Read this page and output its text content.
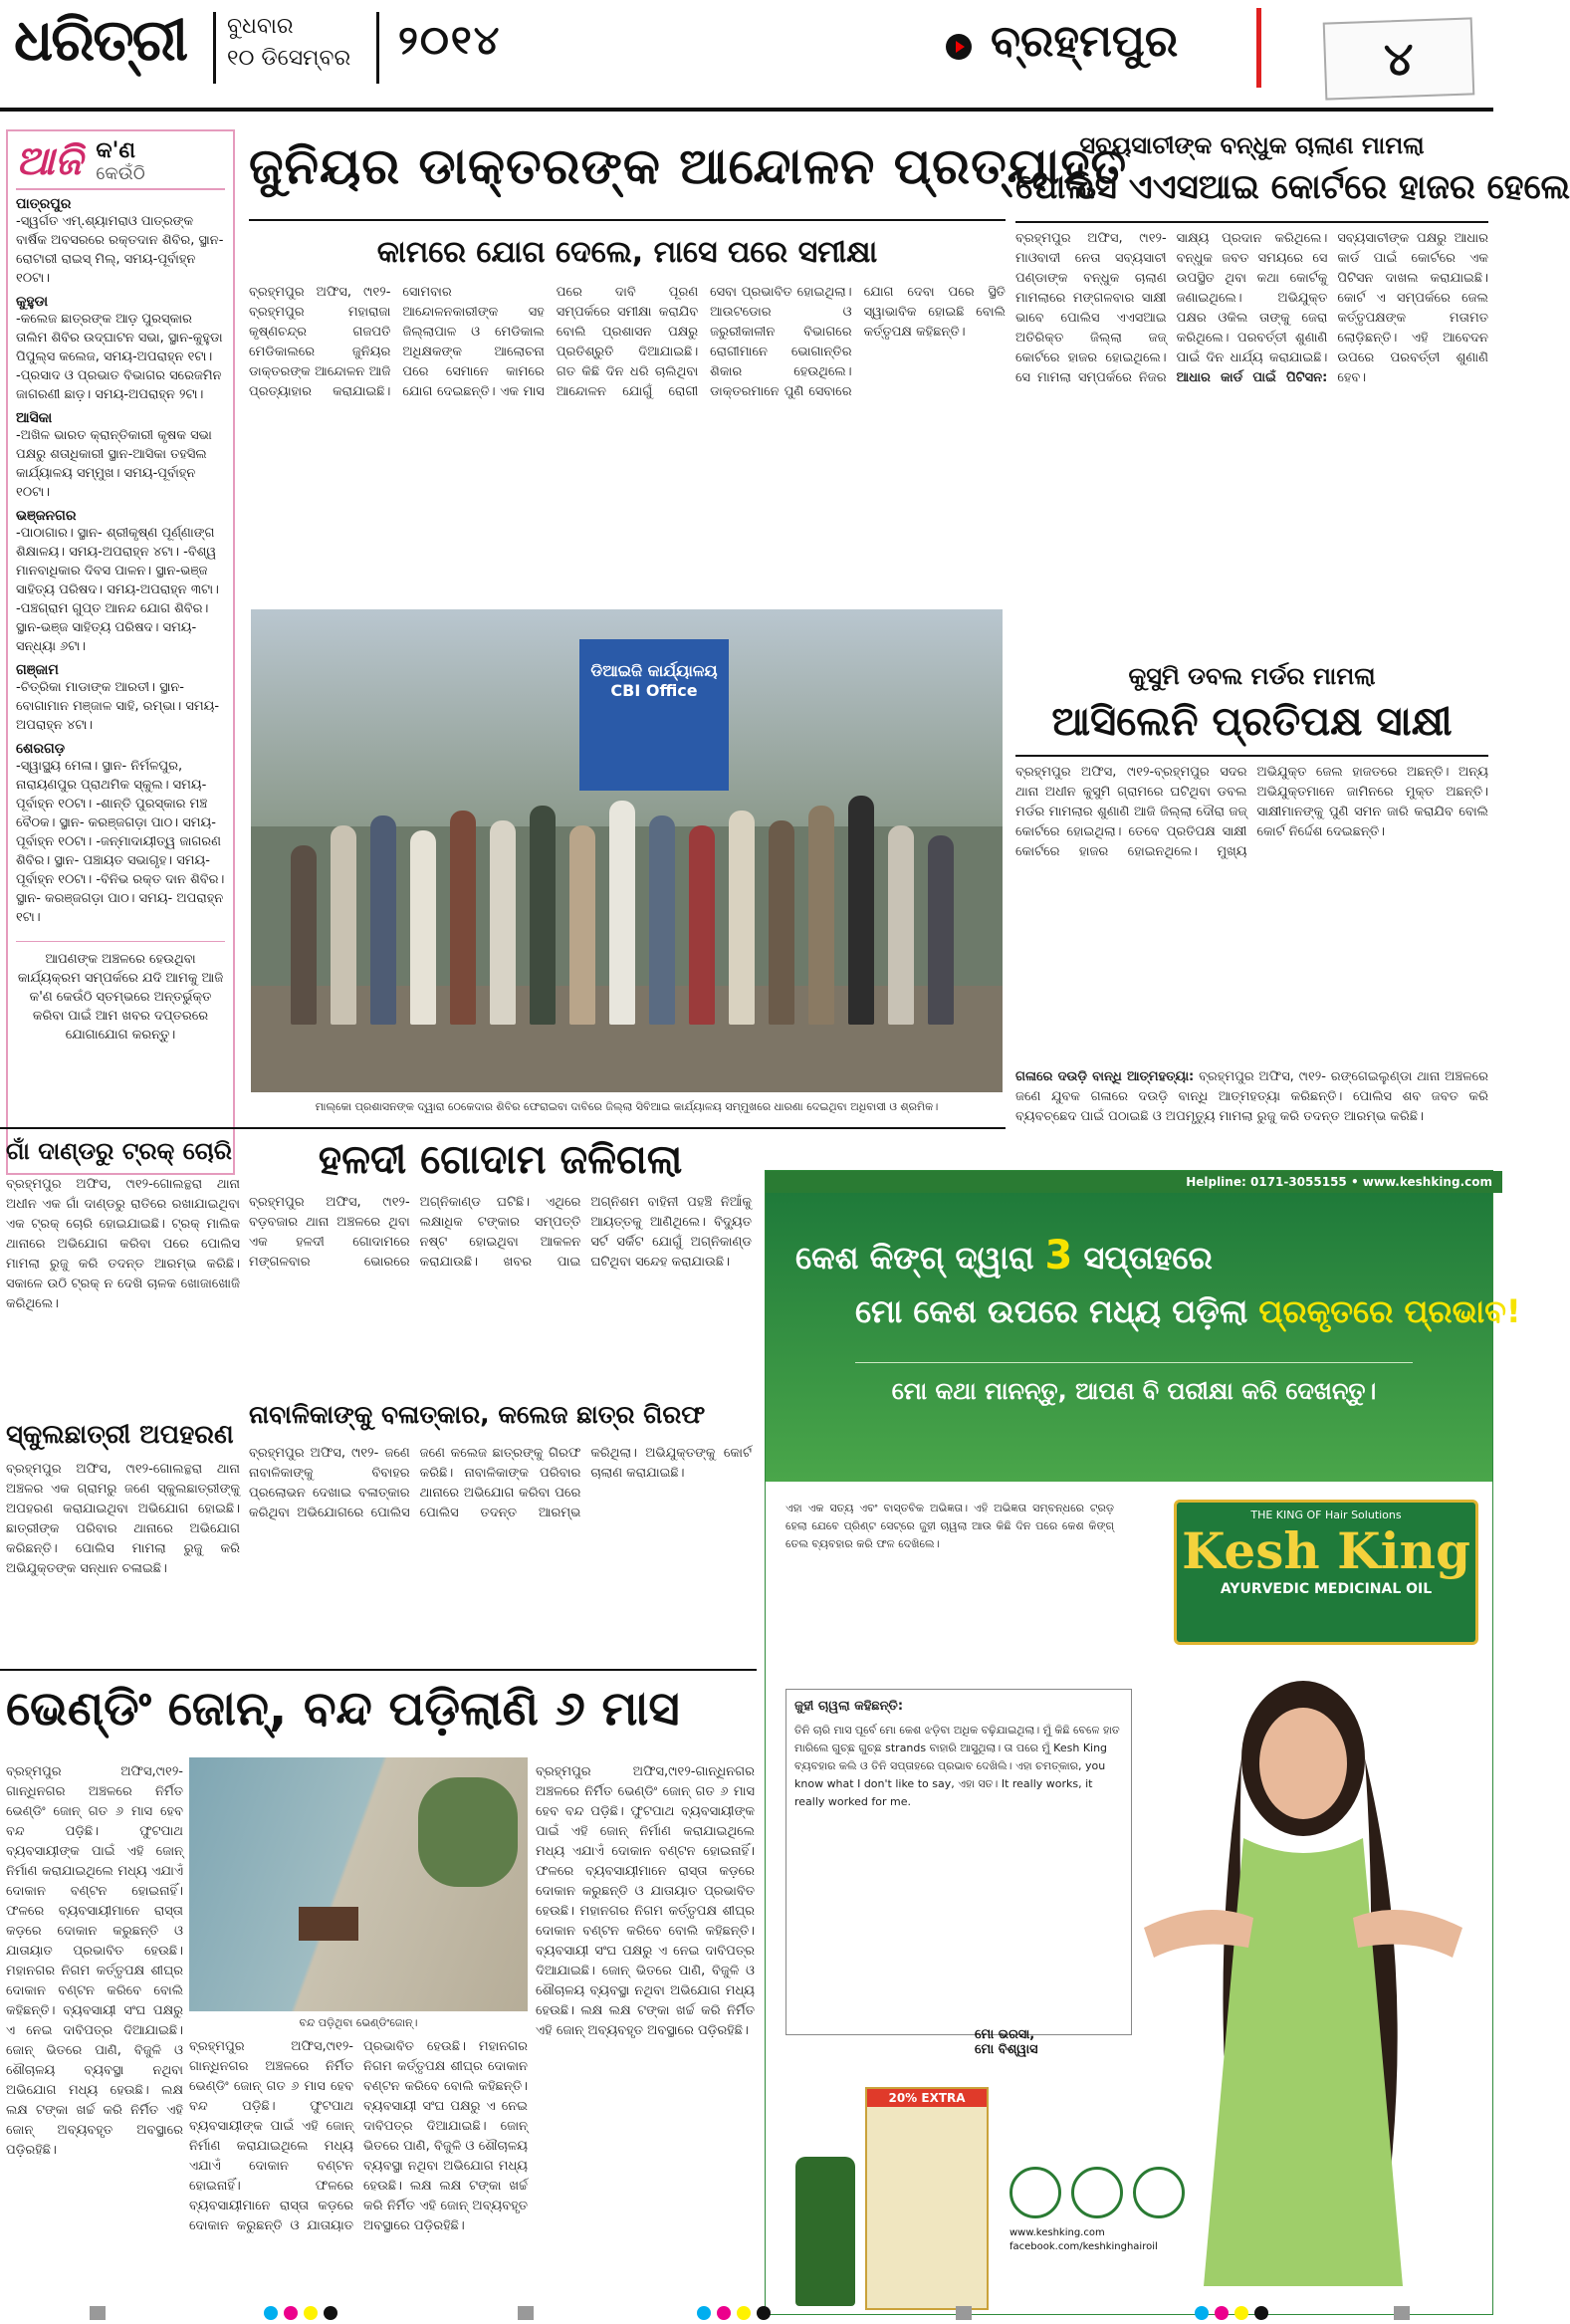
ଧରିତ୍ରୀ ବୁଧବାର
୧୦ ଡିସେମ୍ବର ୨୦୧୪	ବ୍ରହ୍ମପୁର	୪
ଆଜି କ'ଣ
କେଉଁଠି
ପାତ୍ରପୁର
-ସ୍ୱର୍ଗତ ଏମ୍.ଶ୍ୟାମରାଓ ପାତ୍ରଙ୍କ ବାର୍ଷିକ ଅବସରରେ ରକ୍ତଦାନ ଶିବିର, ସ୍ଥାନ-ରୋଟାରୀ ରାଇସ୍ ମିଲ୍, ସମୟ-ପୂର୍ବାହ୍ନ ୧୦ଟା।
କୁହୁଡା
-କଲେଜ ଛାତ୍ରଙ୍କ ଆଡ଼ ପୁରସ୍କାର ତାଲିମ ଶିବିର ଉଦ୍‌ଘାଟନ ସଭା, ସ୍ଥାନ-କୁହୁଡା ପିପୁଲ୍ସ କଲେଜ, ସମୟ-ଅପରାହ୍ନ ୧ଟା। -ପ୍ରସାଦ ଓ ପ୍ରଭାତ ବିଭାଗର ସରେଜମିନ ଜାଗରଣୀ ଛାଡ଼। ସମୟ-ଅପରାହ୍ନ ୨ଟା।
ଆସିକା
-ଅଖିଳ ଭାରତ କ୍ରାନ୍ତିକାରୀ କୃଷକ ସଭା ପକ୍ଷରୁ ଶତାଧିକାରୀ ସ୍ଥାନ-ଆସିକା ତହସିଲ କାର୍ଯ୍ୟାଳୟ ସମ୍ମୁଖ। ସମୟ-ପୂର୍ବାହ୍ନ ୧୦ଟା।
ଭଞ୍ଜନଗର
-ପାଠାଗାର। ସ୍ଥାନ- ଶ୍ରୀକୃଷ୍ଣ ପୂର୍ଣ୍ଣାଙ୍ଗ ଶିକ୍ଷାଳୟ। ସମୟ-ଅପରାହ୍ନ ୪ଟା। -ବିଶ୍ୱ ମାନବାଧିକାର ଦିବସ ପାଳନ। ସ୍ଥାନ-ଭଞ୍ଜ ସାହିତ୍ୟ ପରିଷଦ। ସମୟ-ଅପରାହ୍ନ ୩ଟା। -ପଞ୍ଚଗ୍ରାମ ଗୁପ୍ତ ଆନନ୍ଦ ଯୋଗ ଶିବିର। ସ୍ଥାନ-ଭଞ୍ଜ ସାହିତ୍ୟ ପରିଷଦ। ସମୟ- ସନ୍ଧ୍ୟା ୬ଟା।
ଗଞ୍ଜାମ
-ଚିତ୍ରିକା ମାଡାଙ୍କ ଆରତୀ। ସ୍ଥାନ- ବୋଗାମାନ ମଞ୍ଜାଳ ସାହି, ରମ୍ଭା। ସମୟ- ଅପରାହ୍ନ ୪ଟା।
ଶେରଗଡ଼
-ସ୍ୱାସ୍ଥ୍ୟ ମେଳା। ସ୍ଥାନ- ନିର୍ମଳପୁର, ନାରାୟଣପୁର ପ୍ରାଥମିକ ସ୍କୁଲ। ସମୟ- ପୂର୍ବାହ୍ନ ୧୦ଟା। -ଶାନ୍ତି ପୁରସ୍କାର ମଞ୍ଚ ବୈଠକ। ସ୍ଥାନ- କରଞ୍ଜଗଡ଼ା ପାଠ। ସମୟ- ପୂର୍ବାହ୍ନ ୧୦ଟା। -ଜନ୍ମାଦାୟୀତ୍ୱ ଜାଗରଣ ଶିବିର। ସ୍ଥାନ- ପଞ୍ଚାୟତ ସଭାଗୃହ। ସମୟ- ପୂର୍ବାହ୍ନ ୧୦ଟା। -ବିନିଭ ରକ୍ତ ଦାନ ଶିବିର। ସ୍ଥାନ- କରଞ୍ଜଗଡ଼ା ପାଠ। ସମୟ- ଅପରାହ୍ନ ୧ଟା।
ଆପଣଙ୍କ ଅଞ୍ଚଳରେ ହେଉଥିବା କାର୍ଯ୍ୟକ୍ରମ ସମ୍ପର୍କରେ ଯଦି ଆମକୁ ଆଜି କ'ଣ କେଉଁଠି ସ୍ତମ୍ଭରେ ଅନ୍ତର୍ଭୁକ୍ତ କରିବା ପାଇଁ ଆମ ଖବର ଦପ୍ତରରେ ଯୋଗାଯୋଗ କରନ୍ତୁ।
ଜୁନିୟର ଡାକ୍ତରଙ୍କ ଆନ୍ଦୋଳନ ପ୍ରତ୍ୟାହୃତ
କାମରେ ଯୋଗ ଦେଲେ, ମାସେ ପରେ ସମୀକ୍ଷା
ବ୍ରହ୍ମପୁର ଅଫିସ, ୯ା୧୨- ବ୍ରହ୍ମପୁର ମହାରାଜା କୃଷ୍ଣଚନ୍ଦ୍ର ଗଜପତି ମେଡିକାଲରେ ଜୁନିୟର ଡାକ୍ତରଙ୍କ ଆନ୍ଦୋଳନ ଆଜି ପ୍ରତ୍ୟାହାର କରାଯାଇଛି। ସୋମବାର ଆନ୍ଦୋଳନକାରୀଙ୍କ ସହ ଜିଲ୍ଲାପାଳ ଓ ମେଡିକାଲ ଅଧିକ୍ଷକଙ୍କ ଆଲୋଚନା ପରେ ସେମାନେ କାମରେ ଯୋଗ ଦେଇଛନ୍ତି। ଏକ ମାସ ପରେ ଦାବି ପୂରଣ ସମ୍ପର୍କରେ ସମୀକ୍ଷା କରାଯିବ ବୋଲି ପ୍ରଶାସନ ପକ୍ଷରୁ ପ୍ରତିଶ୍ରୁତି ଦିଆଯାଇଛି। ଗତ କିଛି ଦିନ ଧରି ଚାଲିଥିବା ଆନ୍ଦୋଳନ ଯୋଗୁଁ ରୋଗୀ ସେବା ପ୍ରଭାବିତ ହୋଇଥିଲା। ଆଉଟଡୋର ଓ ଜରୁରୀକାଳୀନ ବିଭାଗରେ ରୋଗୀମାନେ ଭୋଗାନ୍ତିର ଶିକାର ହେଉଥିଲେ। ଡାକ୍ତରମାନେ ପୁଣି ସେବାରେ ଯୋଗ ଦେବା ପରେ ସ୍ଥିତି ସ୍ୱାଭାବିକ ହୋଇଛି ବୋଲି କର୍ତ୍ତୃପକ୍ଷ କହିଛନ୍ତି।
ଡିଆଇଜି କାର୍ଯ୍ୟାଳୟ CBI Office
ମାଲ୍କୋ ପ୍ରଶାସନଙ୍କ ଦ୍ୱାରା ଠେକେଦାର ଶିବିର ଫେରାଇବା ଦାବିରେ ଜିଲ୍ଲା ସିବିଆଇ କାର୍ଯ୍ୟାଳୟ ସମ୍ମୁଖରେ ଧାରଣା ଦେଇଥିବା ଅଧିବାସୀ ଓ ଶ୍ରମିକ।
ସବ୍ୟସାଚୀଙ୍କ ବନ୍ଧୁକ ଚାଲାଣ ମାମଲା
ପୋଲିସ ଏଏସଆଇ କୋର୍ଟରେ ହାଜର ହେଲେ
ବ୍ରହ୍ମପୁର ଅଫିସ, ୯ା୧୨-ମାଓବାଦୀ ନେତା ସବ୍ୟସାଚୀ ପଣ୍ଡାଙ୍କ ବନ୍ଧୁକ ଚାଲାଣ ମାମଲାରେ ମଙ୍ଗଳବାର ସାକ୍ଷୀ ଭାବେ ପୋଲିସ ଏଏସଆଇ ଅତିରିକ୍ତ ଜିଲ୍ଲା ଜଜ୍ କୋର୍ଟରେ ହାଜର ହୋଇଥିଲେ। ସେ ମାମଲା ସମ୍ପର୍କରେ ନିଜର ସାକ୍ଷ୍ୟ ପ୍ରଦାନ କରିଥିଲେ। ବନ୍ଧୁକ ଜବତ ସମୟରେ ସେ ଉପସ୍ଥିତ ଥିବା କଥା କୋର୍ଟକୁ ଜଣାଇଥିଲେ। ଅଭିଯୁକ୍ତ ପକ୍ଷର ଓକିଲ ତାଙ୍କୁ ଜେରା କରିଥିଲେ। ପରବର୍ତ୍ତୀ ଶୁଣାଣି ପାଇଁ ଦିନ ଧାର୍ଯ୍ୟ କରାଯାଇଛି। ଆଧାର କାର୍ଡ ପାଇଁ ପିଟିସନ: ସବ୍ୟସାଚୀଙ୍କ ପକ୍ଷରୁ ଆଧାର କାର୍ଡ ପାଇଁ କୋର୍ଟରେ ଏକ ପିଟିସନ ଦାଖଲ କରାଯାଇଛି। କୋର୍ଟ ଏ ସମ୍ପର୍କରେ ଜେଲ କର୍ତ୍ତୃପକ୍ଷଙ୍କ ମତାମତ ଲୋଡ଼ିଛନ୍ତି। ଏହି ଆବେଦନ ଉପରେ ପରବର୍ତ୍ତୀ ଶୁଣାଣି ହେବ।
କୁସୁମି ଡବଲ ମର୍ଡର ମାମଲା
ଆସିଲେନି ପ୍ରତିପକ୍ଷ ସାକ୍ଷୀ
ବ୍ରହ୍ମପୁର ଅଫିସ, ୯ା୧୨-ବ୍ରହ୍ମପୁର ସଦର ଥାନା ଅଧୀନ କୁସୁମି ଗ୍ରାମରେ ଘଟିଥିବା ଡବଲ ମର୍ଡର ମାମଲାର ଶୁଣାଣି ଆଜି ଜିଲ୍ଲା ଦୌରା ଜଜ୍ କୋର୍ଟରେ ହୋଇଥିଲା। ତେବେ ପ୍ରତିପକ୍ଷ ସାକ୍ଷୀ କୋର୍ଟରେ ହାଜର ହୋଇନଥିଲେ। ମୁଖ୍ୟ ଅଭିଯୁକ୍ତ ଜେଲ ହାଜତରେ ଅଛନ୍ତି। ଅନ୍ୟ ଅଭିଯୁକ୍ତମାନେ ଜାମିନରେ ମୁକ୍ତ ଅଛନ୍ତି। ସାକ୍ଷୀମାନଙ୍କୁ ପୁଣି ସମନ ଜାରି କରାଯିବ ବୋଲି କୋର୍ଟ ନିର୍ଦ୍ଦେଶ ଦେଇଛନ୍ତି।
ଗଳାରେ ଦଉଡ଼ି ବାନ୍ଧି ଆତ୍ମହତ୍ୟା: ବ୍ରହ୍ମପୁର ଅଫିସ, ୯ା୧୨- ରଙ୍ଗେଇଲୁଣ୍ଡା ଥାନା ଅଞ୍ଚଳରେ ଜଣେ ଯୁବକ ଗଳାରେ ଦଉଡ଼ି ବାନ୍ଧି ଆତ୍ମହତ୍ୟା କରିଛନ୍ତି। ପୋଲିସ ଶବ ଜବତ କରି ବ୍ୟବଚ୍ଛେଦ ପାଇଁ ପଠାଇଛି ଓ ଅପମୃତ୍ୟୁ ମାମଲା ରୁଜୁ କରି ତଦନ୍ତ ଆରମ୍ଭ କରିଛି।
ଗାଁ ଦାଣ୍ଡରୁ ଟ୍ରକ୍ ଚୋରି
ବ୍ରହ୍ମପୁର ଅଫିସ, ୯ା୧୨-ଗୋଲନ୍ଥରା ଥାନା ଅଧୀନ ଏକ ଗାଁ ଦାଣ୍ଡରୁ ରାତିରେ ରଖାଯାଇଥିବା ଏକ ଟ୍ରକ୍ ଚୋରି ହୋଇଯାଇଛି। ଟ୍ରକ୍ ମାଲିକ ଥାନାରେ ଅଭିଯୋଗ କରିବା ପରେ ପୋଲିସ ମାମଲା ରୁଜୁ କରି ତଦନ୍ତ ଆରମ୍ଭ କରିଛି। ସକାଳେ ଉଠି ଟ୍ରକ୍ ନ ଦେଖି ଚାଳକ ଖୋଜାଖୋଜି କରିଥିଲେ।
ସ୍କୁଲଛାତ୍ରୀ ଅପହରଣ
ବ୍ରହ୍ମପୁର ଅଫିସ, ୯ା୧୨-ଗୋଲନ୍ଥରା ଥାନା ଅଞ୍ଚଳର ଏକ ଗ୍ରାମରୁ ଜଣେ ସ୍କୁଲଛାତ୍ରୀଙ୍କୁ ଅପହରଣ କରାଯାଇଥିବା ଅଭିଯୋଗ ହୋଇଛି। ଛାତ୍ରୀଙ୍କ ପରିବାର ଥାନାରେ ଅଭିଯୋଗ କରିଛନ୍ତି। ପୋଲିସ ମାମଲା ରୁଜୁ କରି ଅଭିଯୁକ୍ତଙ୍କ ସନ୍ଧାନ ଚଳାଇଛି।
ହଳଦୀ ଗୋଦାମ ଜଳିଗଲା
ବ୍ରହ୍ମପୁର ଅଫିସ, ୯ା୧୨- ବଡ଼ବଜାର ଥାନା ଅଞ୍ଚଳରେ ଥିବା ଏକ ହଳଦୀ ଗୋଦାମରେ ମଙ୍ଗଳବାର ଭୋରରେ ଅଗ୍ନିକାଣ୍ଡ ଘଟିଛି। ଏଥିରେ ଲକ୍ଷାଧିକ ଟଙ୍କାର ସମ୍ପତ୍ତି ନଷ୍ଟ ହୋଇଥିବା ଆକଳନ କରାଯାଉଛି। ଖବର ପାଇ ଅଗ୍ନିଶମ ବାହିନୀ ପହଞ୍ଚି ନିଆଁକୁ ଆୟତ୍ତକୁ ଆଣିଥିଲେ। ବିଦ୍ୟୁତ ସର୍ଟ ସର୍କିଟ ଯୋଗୁଁ ଅଗ୍ନିକାଣ୍ଡ ଘଟିଥିବା ସନ୍ଦେହ କରାଯାଉଛି।
ନାବାଳିକାଙ୍କୁ ବଳାତ୍କାର, କଲେଜ ଛାତ୍ର ଗିରଫ
ବ୍ରହ୍ମପୁର ଅଫିସ, ୯ା୧୨- ଜଣେ ନାବାଳିକାଙ୍କୁ ବିବାହର ପ୍ରଲୋଭନ ଦେଖାଇ ବଳାତ୍କାର କରିଥିବା ଅଭିଯୋଗରେ ପୋଲିସ ଜଣେ କଲେଜ ଛାତ୍ରଙ୍କୁ ଗିରଫ କରିଛି। ନାବାଳିକାଙ୍କ ପରିବାର ଥାନାରେ ଅଭିଯୋଗ କରିବା ପରେ ପୋଲିସ ତଦନ୍ତ ଆରମ୍ଭ କରିଥିଲା। ଅଭିଯୁକ୍ତଙ୍କୁ କୋର୍ଟ ଚାଲାଣ କରାଯାଇଛି।
ଭେଣ୍ଡିଂ ଜୋନ୍, ବନ୍ଦ ପଡ଼ିଲାଣି ୬ ମାସ
ବ୍ରହ୍ମପୁର ଅଫିସ,୯ା୧୨-ଗାନ୍ଧିନଗର ଅଞ୍ଚଳରେ ନିର୍ମିତ ଭେଣ୍ଡିଂ ଜୋନ୍ ଗତ ୬ ମାସ ହେବ ବନ୍ଦ ପଡ଼ିଛି। ଫୁଟପାଥ ବ୍ୟବସାୟୀଙ୍କ ପାଇଁ ଏହି ଜୋନ୍ ନିର୍ମାଣ କରାଯାଇଥିଲେ ମଧ୍ୟ ଏଯାଏଁ ଦୋକାନ ବଣ୍ଟନ ହୋଇନାହିଁ। ଫଳରେ ବ୍ୟବସାୟୀମାନେ ରାସ୍ତା କଡ଼ରେ ଦୋକାନ କରୁଛନ୍ତି ଓ ଯାତାୟାତ ପ୍ରଭାବିତ ହେଉଛି। ମହାନଗର ନିଗମ କର୍ତ୍ତୃପକ୍ଷ ଶୀଘ୍ର ଦୋକାନ ବଣ୍ଟନ କରିବେ ବୋଲି କହିଛନ୍ତି। ବ୍ୟବସାୟୀ ସଂଘ ପକ୍ଷରୁ ଏ ନେଇ ଦାବିପତ୍ର ଦିଆଯାଇଛି। ଜୋନ୍ ଭିତରେ ପାଣି, ବିଜୁଳି ଓ ଶୌଚାଳୟ ବ୍ୟବସ୍ଥା ନଥିବା ଅଭିଯୋଗ ମଧ୍ୟ ହେଉଛି। ଲକ୍ଷ ଲକ୍ଷ ଟଙ୍କା ଖର୍ଚ୍ଚ କରି ନିର୍ମିତ ଏହି ଜୋନ୍ ଅବ୍ୟବହୃତ ଅବସ୍ଥାରେ ପଡ଼ିରହିଛି।
ବନ୍ଦ ପଡ଼ିଥିବା ଭେଣ୍ଡିଂଜୋନ୍।
ବ୍ରହ୍ମପୁର ଅଫିସ,୯ା୧୨-ଗାନ୍ଧିନଗର ଅଞ୍ଚଳରେ ନିର୍ମିତ ଭେଣ୍ଡିଂ ଜୋନ୍ ଗତ ୬ ମାସ ହେବ ବନ୍ଦ ପଡ଼ିଛି। ଫୁଟପାଥ ବ୍ୟବସାୟୀଙ୍କ ପାଇଁ ଏହି ଜୋନ୍ ନିର୍ମାଣ କରାଯାଇଥିଲେ ମଧ୍ୟ ଏଯାଏଁ ଦୋକାନ ବଣ୍ଟନ ହୋଇନାହିଁ। ଫଳରେ ବ୍ୟବସାୟୀମାନେ ରାସ୍ତା କଡ଼ରେ ଦୋକାନ କରୁଛନ୍ତି ଓ ଯାତାୟାତ ପ୍ରଭାବିତ ହେଉଛି। ମହାନଗର ନିଗମ କର୍ତ୍ତୃପକ୍ଷ ଶୀଘ୍ର ଦୋକାନ ବଣ୍ଟନ କରିବେ ବୋଲି କହିଛନ୍ତି। ବ୍ୟବସାୟୀ ସଂଘ ପକ୍ଷରୁ ଏ ନେଇ ଦାବିପତ୍ର ଦିଆଯାଇଛି। ଜୋନ୍ ଭିତରେ ପାଣି, ବିଜୁଳି ଓ ଶୌଚାଳୟ ବ୍ୟବସ୍ଥା ନଥିବା ଅଭିଯୋଗ ମଧ୍ୟ ହେଉଛି। ଲକ୍ଷ ଲକ୍ଷ ଟଙ୍କା ଖର୍ଚ୍ଚ କରି ନିର୍ମିତ ଏହି ଜୋନ୍ ଅବ୍ୟବହୃତ ଅବସ୍ଥାରେ ପଡ଼ିରହିଛି।
ବ୍ରହ୍ମପୁର ଅଫିସ,୯ା୧୨-ଗାନ୍ଧିନଗର ଅଞ୍ଚଳରେ ନିର୍ମିତ ଭେଣ୍ଡିଂ ଜୋନ୍ ଗତ ୬ ମାସ ହେବ ବନ୍ଦ ପଡ଼ିଛି। ଫୁଟପାଥ ବ୍ୟବସାୟୀଙ୍କ ପାଇଁ ଏହି ଜୋନ୍ ନିର୍ମାଣ କରାଯାଇଥିଲେ ମଧ୍ୟ ଏଯାଏଁ ଦୋକାନ ବଣ୍ଟନ ହୋଇନାହିଁ। ଫଳରେ ବ୍ୟବସାୟୀମାନେ ରାସ୍ତା କଡ଼ରେ ଦୋକାନ କରୁଛନ୍ତି ଓ ଯାତାୟାତ ପ୍ରଭାବିତ ହେଉଛି। ମହାନଗର ନିଗମ କର୍ତ୍ତୃପକ୍ଷ ଶୀଘ୍ର ଦୋକାନ ବଣ୍ଟନ କରିବେ ବୋଲି କହିଛନ୍ତି। ବ୍ୟବସାୟୀ ସଂଘ ପକ୍ଷରୁ ଏ ନେଇ ଦାବିପତ୍ର ଦିଆଯାଇଛି। ଜୋନ୍ ଭିତରେ ପାଣି, ବିଜୁଳି ଓ ଶୌଚାଳୟ ବ୍ୟବସ୍ଥା ନଥିବା ଅଭିଯୋଗ ମଧ୍ୟ ହେଉଛି। ଲକ୍ଷ ଲକ୍ଷ ଟଙ୍କା ଖର୍ଚ୍ଚ କରି ନିର୍ମିତ ଏହି ଜୋନ୍ ଅବ୍ୟବହୃତ ଅବସ୍ଥାରେ ପଡ଼ିରହିଛି।
Helpline: 0171-3055155 • www.keshking.com
କେଶ କିଙ୍ଗ୍ ଦ୍ୱାରା 3 ସପ୍ତାହରେ
ମୋ କେଶ ଉପରେ ମଧ୍ୟ ପଡ଼ିଲା ପ୍ରକୃତରେ ପ୍ରଭାବ!
ମୋ କଥା ମାନନ୍ତୁ, ଆପଣ ବି ପରୀକ୍ଷା କରି ଦେଖନ୍ତୁ।
ଏହା ଏକ ସତ୍ୟ ଏବଂ ବାସ୍ତବିକ ଅଭିଜ୍ଞତା। ଏହି ଅଭିଜ୍ଞତା ସମ୍ବନ୍ଧରେ ଟ୍ରଡ଼ ହେଲା ଯେବେ ପ୍ରିଣ୍ଟ ସେଟ୍‌ରେ ଜୁହୀ ଚାୱଲା ଆଉ କିଛି ଦିନ ପରେ କେଶ କିଙ୍ଗ୍ ତେଲ ବ୍ୟବହାର କରି ଫଳ ଦେଖିଲେ।
ଜୁହୀ ଚାୱଲା କହିଛନ୍ତି:
ତିନି ଚାରି ମାସ ପୂର୍ବେ ମୋ କେଶ ଝଡ଼ିବା ଅଧିକ ବଢ଼ିଯାଇଥିଲା। ମୁଁ କିଛି ବେଳେ ହାତ ମାରିଲେ ଗୁଚ୍ଛ ଗୁଚ୍ଛ strands ବାହାରି ଆସୁଥିଲା। ତା ପରେ ମୁଁ Kesh King ବ୍ୟବହାର କଲି ଓ ତିନି ସପ୍ତାହରେ ପ୍ରଭାବ ଦେଖିଲି। ଏହା ଚମତ୍କାର, you know what I don't like to say, ଏହା ସତ। It really works, it really worked for me.
THE KING OF Hair Solutions
Kesh King
AYURVEDIC MEDICINAL OIL
ମୋ ଭରସା,
ମୋ ବିଶ୍ୱାସ
20% EXTRA
www.keshking.com facebook.com/keshkinghairoil
